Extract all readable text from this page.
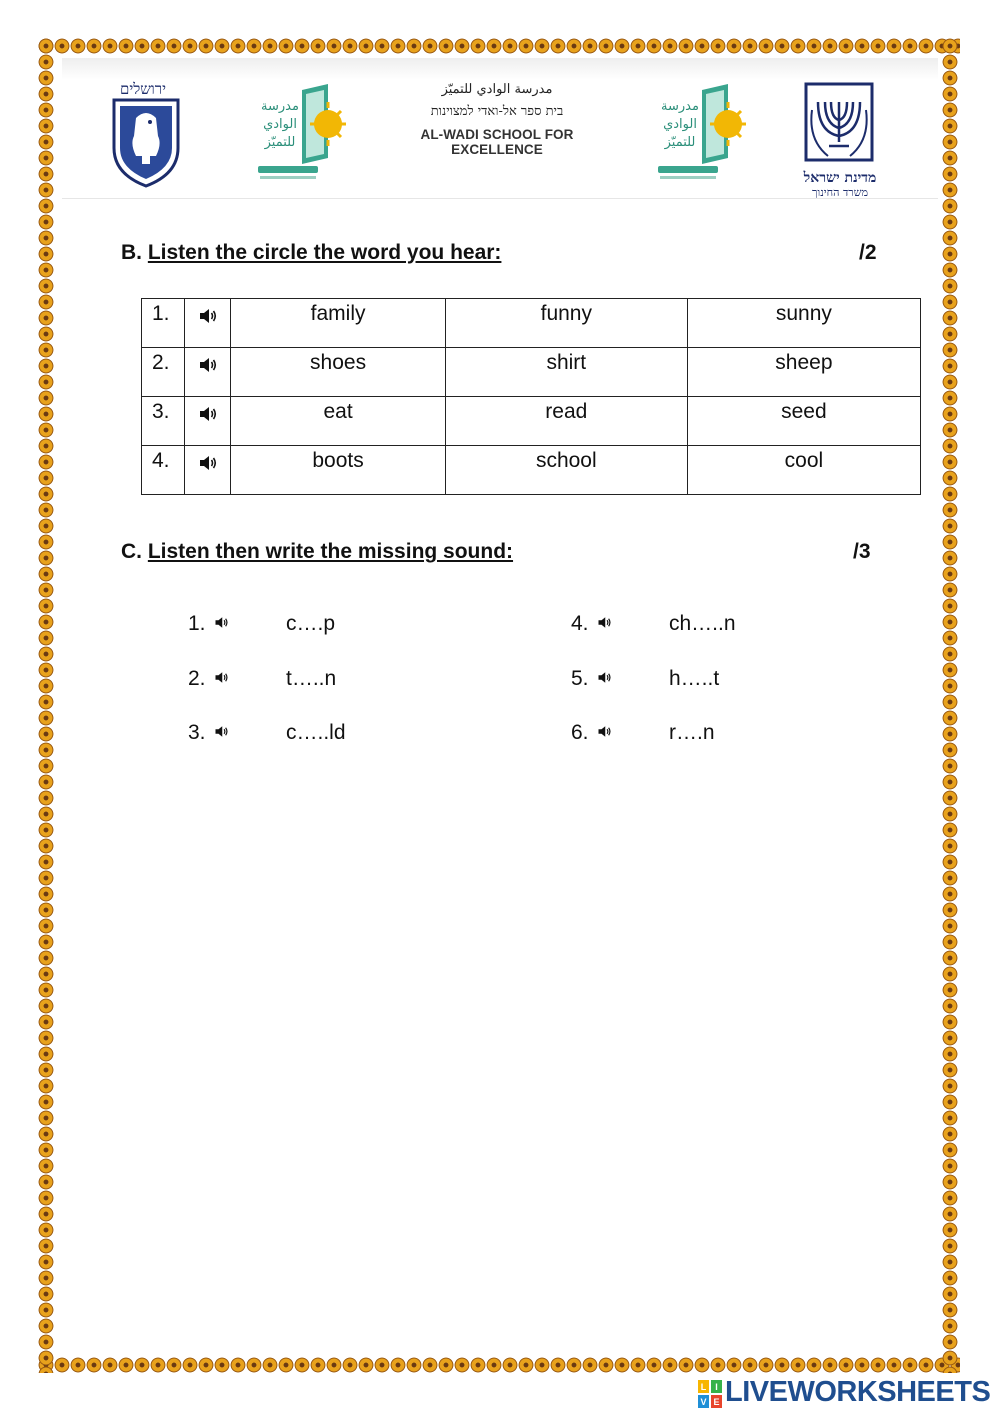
ירושלים
مدرسة
الوادي
للتميّز
مدرسة الوادي للتميّز
בית ספר אל-ואדי למצוינות
AL-WADI SCHOOL FOR EXCELLENCE
مدرسة
الوادي
للتميّز
מדינת ישראל
משרד החינוך
B. Listen the circle the word you hear:	/2
1.		family	funny	sunny
2.		shoes	shirt	sheep
3.		eat	read	seed
4.		boots	school	cool
C. Listen then write the missing sound:	/3
1.	c….p
2.	t…..n
3.	c…..ld
4.	ch…..n
5.	h…..t
6.	r….n
L I
V E LIVEWORKSHEETS
